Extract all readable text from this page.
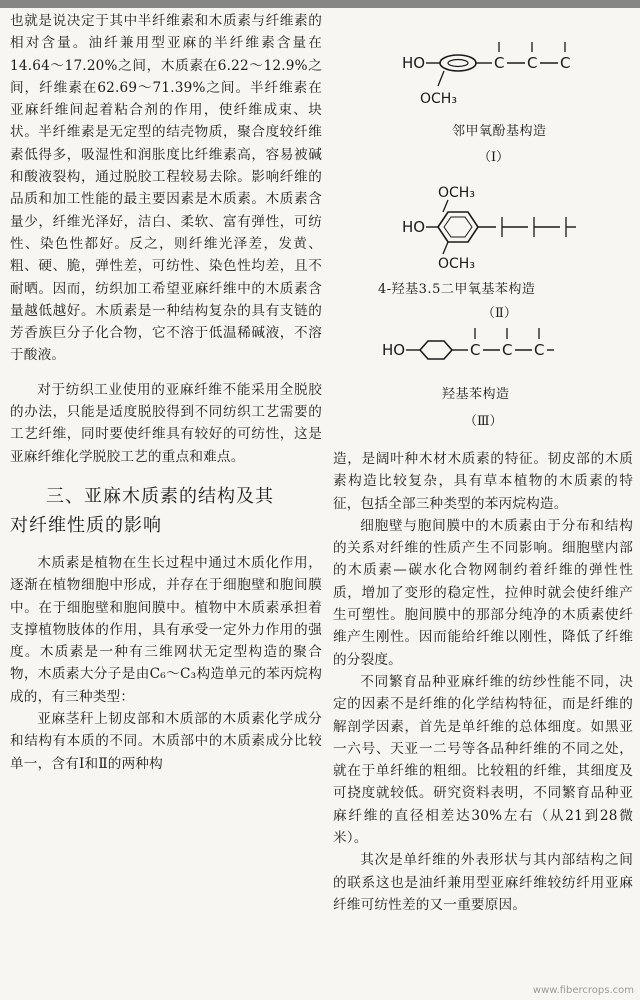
也就是说决定于其中半纤维素和木质素与纤维素的相对含量。油纤兼用型亚麻的半纤维素含量在14.64～17.20%之间，木质素在6.22～12.9%之间，纤维素在62.69～71.39%之间。半纤维素在亚麻纤维间起着粘合剂的作用，使纤维成束、块状。半纤维素是无定型的结壳物质，聚合度较纤维素低得多，吸湿性和润胀度比纤维素高，容易被碱和酸液裂构，通过脱胶工程较易去除。影响纤维的品质和加工性能的最主要因素是木质素。木质素含量少，纤维光泽好，洁白、柔软、富有弹性，可纺性、染色性都好。反之，则纤维光泽差，发黄、粗、硬、脆，弹性差，可纺性、染色性均差，且不耐晒。因而，纺织加工希望亚麻纤维中的木质素含量越低越好。木质素是一种结构复杂的具有支链的芳香族巨分子化合物，它不溶于低温稀碱液，不溶于酸液。

对于纺织工业使用的亚麻纤维不能采用全脱胶的办法，只能是适度脱胶得到不同纺织工艺需要的工艺纤维，同时要使纤维具有较好的可纺性，这是亚麻纤维化学脱胶工艺的重点和难点。

三、亚麻木质素的结构及其
对纤维性质的影响

木质素是植物在生长过程中通过木质化作用，逐渐在植物细胞中形成，并存在于细胞壁和胞间膜中。在于细胞壁和胞间膜中。植物中木质素承担着支撑植物肢体的作用，具有承受一定外力作用的强度。木质素是一种有三维网状无定型构造的聚合物，木质素大分子是由C₆～C₃构造单元的苯丙烷构成的，有三种类型：

亚麻茎秆上韧皮部和木质部的木质素化学成分和结构有本质的不同。木质部中的木质素成分比较单一，含有Ⅰ和Ⅱ的两种构

HO	C C C
OCH₃
OCH₃
HO
OCH₃
HO	C C C
邻甲氧酚基构造
（Ⅰ）
4-羟基3.5二甲氧基苯构造
（Ⅱ）
羟基苯构造
（Ⅲ）

造，是阔叶种木材木质素的特征。韧皮部的木质素构造比较复杂，具有草本植物的木质素的特征，包括全部三种类型的苯丙烷构造。

细胞壁与胞间膜中的木质素由于分布和结构的关系对纤维的性质产生不同影响。细胞壁内部的木质素—碳水化合物网制约着纤维的弹性性质，增加了变形的稳定性，拉伸时就会使纤维产生可塑性。胞间膜中的那部分纯净的木质素使纤维产生刚性。因而能给纤维以刚性，降低了纤维的分裂度。

不同繁育品种亚麻纤维的纺纱性能不同，决定的因素不是纤维的化学结构特征，而是纤维的解剖学因素，首先是单纤维的总体细度。如黑亚一六号、天亚一二号等各品种纤维的不同之处，就在于单纤维的粗细。比较粗的纤维，其细度及可挠度就较低。研究资料表明，不同繁育品种亚麻纤维的直径相差达30%左右（从21到28微米）。

其次是单纤维的外表形状与其内部结构之间的联系这也是油纤兼用型亚麻纤维较纺纤用亚麻纤维可纺性差的又一重要原因。

www.fibercrops.com
